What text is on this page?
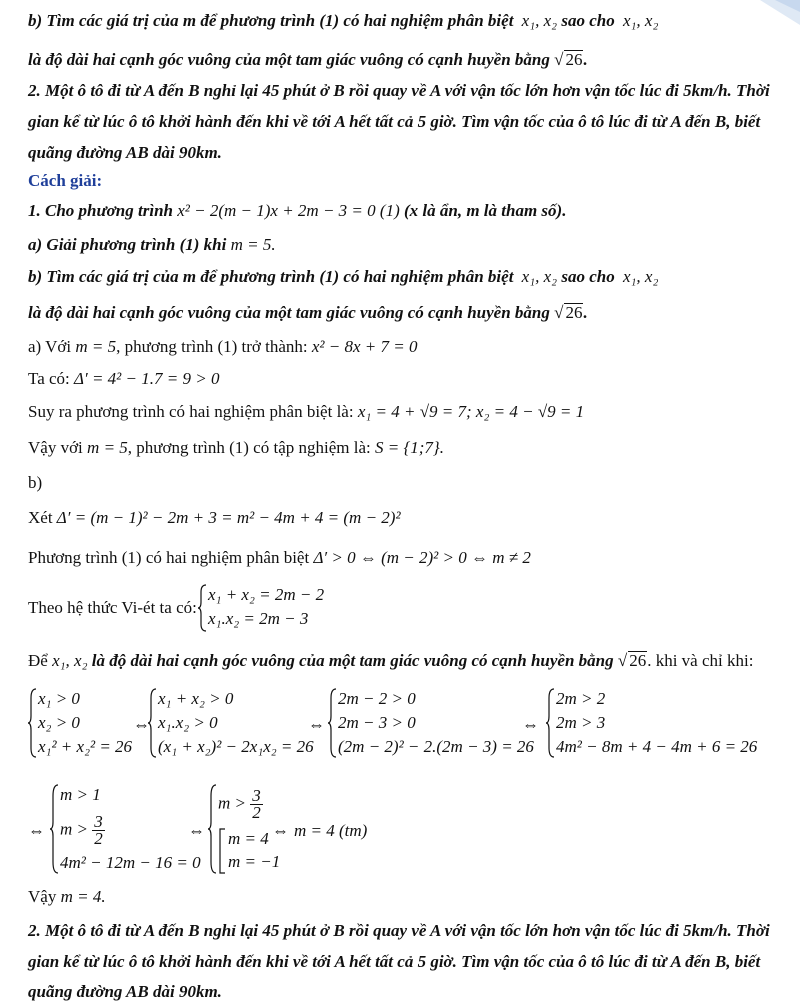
b) Tìm các giá trị của m để phương trình (1) có hai nghiệm phân biệt x₁, x₂ sao cho x₁, x₂
là độ dài hai cạnh góc vuông của một tam giác vuông có cạnh huyền bằng √ 26.
2. Một ô tô đi từ A đến B nghỉ lại 45 phút ở B rồi quay về A với vận tốc lớn hơn vận tốc lúc đi 5km/h. Thời
gian kể từ lúc ô tô khởi hành đến khi về tới A hết tất cả 5 giờ. Tìm vận tốc của ô tô lúc đi từ A đến B, biết
quãng đường AB dài 90km.
Cách giải:
1. Cho phương trình x² − 2(m − 1)x + 2m − 3 = 0 (1) (x là ẩn, m là tham số).
a) Giải phương trình (1) khi m = 5.
b) Tìm các giá trị của m để phương trình (1) có hai nghiệm phân biệt x₁, x₂ sao cho x₁, x₂
là độ dài hai cạnh góc vuông của một tam giác vuông có cạnh huyền bằng √ 26.
a) Với m = 5, phương trình (1) trở thành: x² − 8x + 7 = 0
Ta có: Δ′ = 4² − 1.7 = 9 > 0
Suy ra phương trình có hai nghiệm phân biệt là: x₁ = 4 + √9 = 7; x₂ = 4 − √9 = 1
Vậy với m = 5, phương trình (1) có tập nghiệm là: S = {1;7}.
b)
Xét Δ′ = (m − 1)² − 2m + 3 = m² − 4m + 4 = (m − 2)²
Phương trình (1) có hai nghiệm phân biệt Δ′ > 0 ⇔ (m − 2)² > 0 ⇔ m ≠ 2
Theo hệ thức Vi-ét ta có:
x₁ + x₂ = 2m − 2
x₁.x₂ = 2m − 3
Để x₁, x₂ là độ dài hai cạnh góc vuông của một tam giác vuông có cạnh huyền bằng √ 26. khi và chỉ khi:
x₁ > 0
x₂ > 0
x₁² + x₂² = 26
⇔
x₁ + x₂ > 0
x₁.x₂ > 0
(x₁ + x₂)² − 2x₁x₂ = 26
⇔
2m − 2 > 0
2m − 3 > 0
(2m − 2)² − 2.(2m − 3) = 26
⇔
2m > 2
2m > 3
4m² − 8m + 4 − 4m + 6 = 26
⇔
m > 1
$m > \frac{3}{2}$
4m² − 12m − 16 = 0
⇔
$m > \frac{3}{2}$
m = 4
m = −1
⇔ m = 4 (tm)
Vậy m = 4.
2. Một ô tô đi từ A đến B nghỉ lại 45 phút ở B rồi quay về A với vận tốc lớn hơn vận tốc lúc đi 5km/h. Thời
gian kể từ lúc ô tô khởi hành đến khi về tới A hết tất cả 5 giờ. Tìm vận tốc của ô tô lúc đi từ A đến B, biết
quãng đường AB dài 90km.
